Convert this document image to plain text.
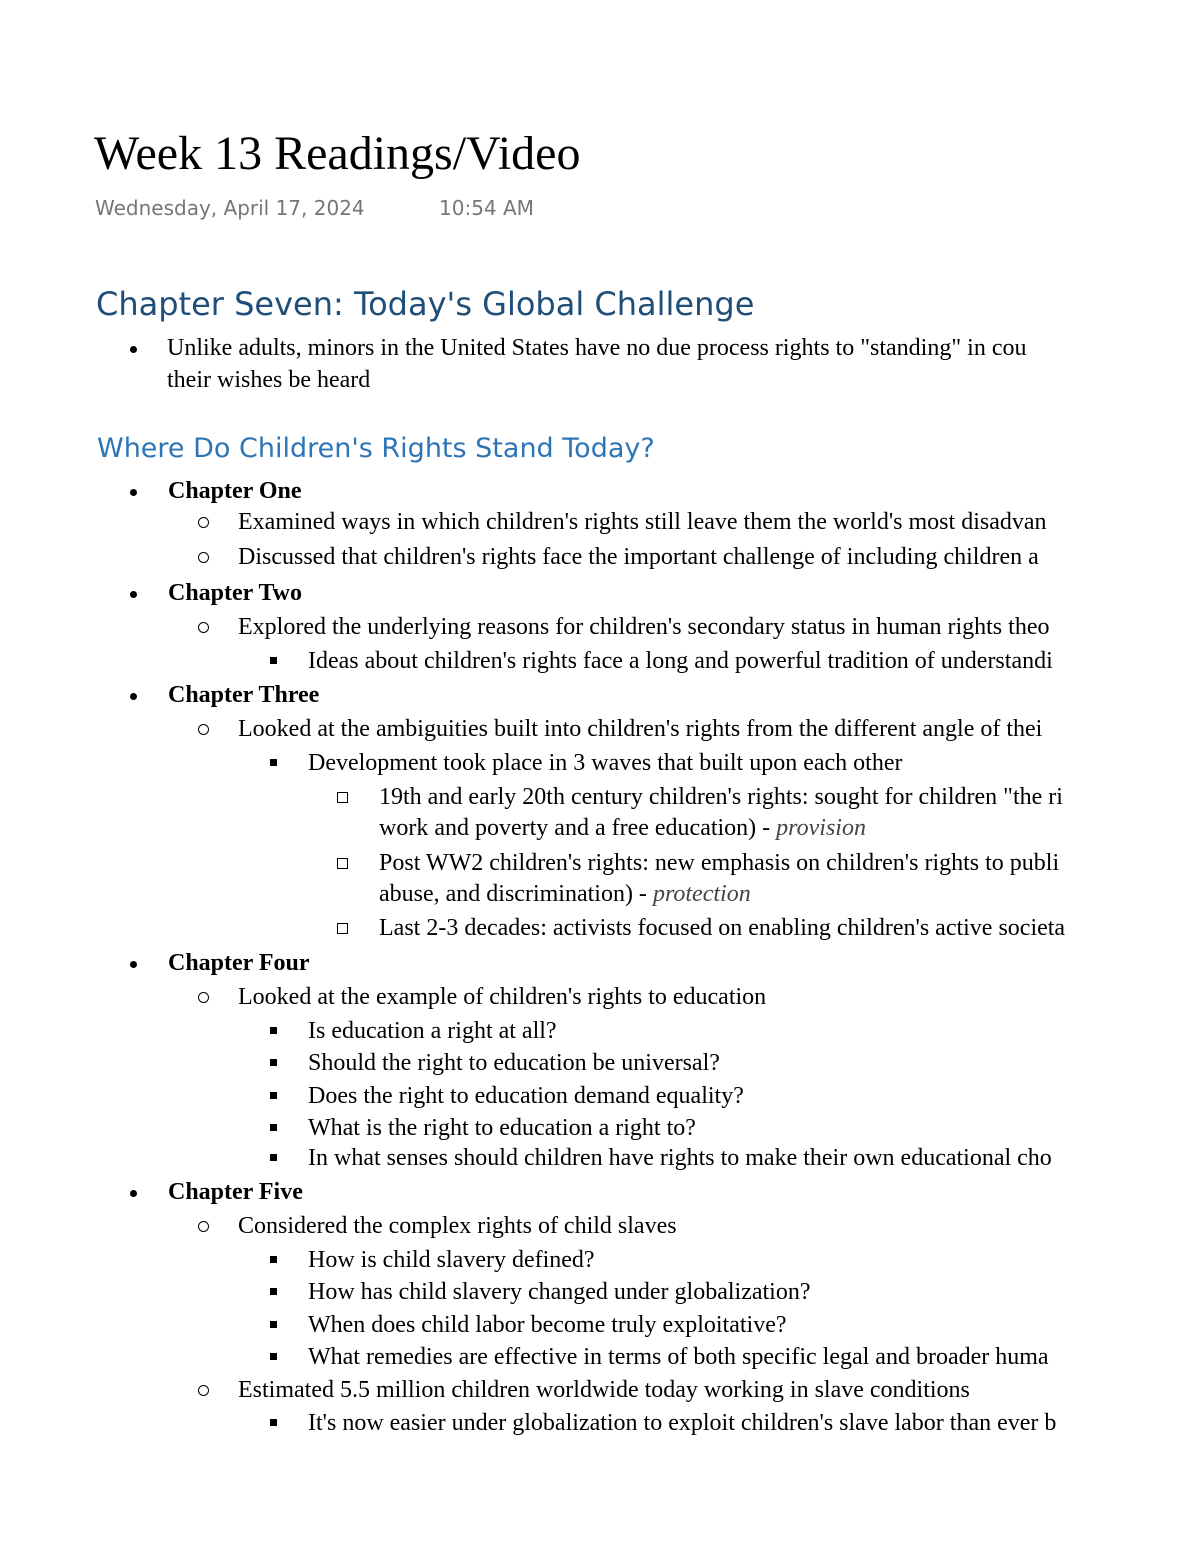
Week 13 Readings/Video
Wednesday, April 17, 2024	10:54 AM
Chapter Seven: Today's Global Challenge
Unlike adults, minors in the United States have no due process rights to "standing" in cou
their wishes be heard
Where Do Children's Rights Stand Today?
Chapter One
Examined ways in which children's rights still leave them the world's most disadvan
Discussed that children's rights face the important challenge of including children a
Chapter Two
Explored the underlying reasons for children's secondary status in human rights theo
Ideas about children's rights face a long and powerful tradition of understandi
Chapter Three
Looked at the ambiguities built into children's rights from the different angle of thei
Development took place in 3 waves that built upon each other
19th and early 20th century children's rights: sought for children "the ri
work and poverty and a free education) - provision
Post WW2 children's rights: new emphasis on children's rights to publi
abuse, and discrimination) - protection
Last 2-3 decades: activists focused on enabling children's active societa
Chapter Four
Looked at the example of children's rights to education
Is education a right at all?
Should the right to education be universal?
Does the right to education demand equality?
What is the right to education a right to?
In what senses should children have rights to make their own educational cho
Chapter Five
Considered the complex rights of child slaves
How is child slavery defined?
How has child slavery changed under globalization?
When does child labor become truly exploitative?
What remedies are effective in terms of both specific legal and broader huma
Estimated 5.5 million children worldwide today working in slave conditions
It's now easier under globalization to exploit children's slave labor than ever b
